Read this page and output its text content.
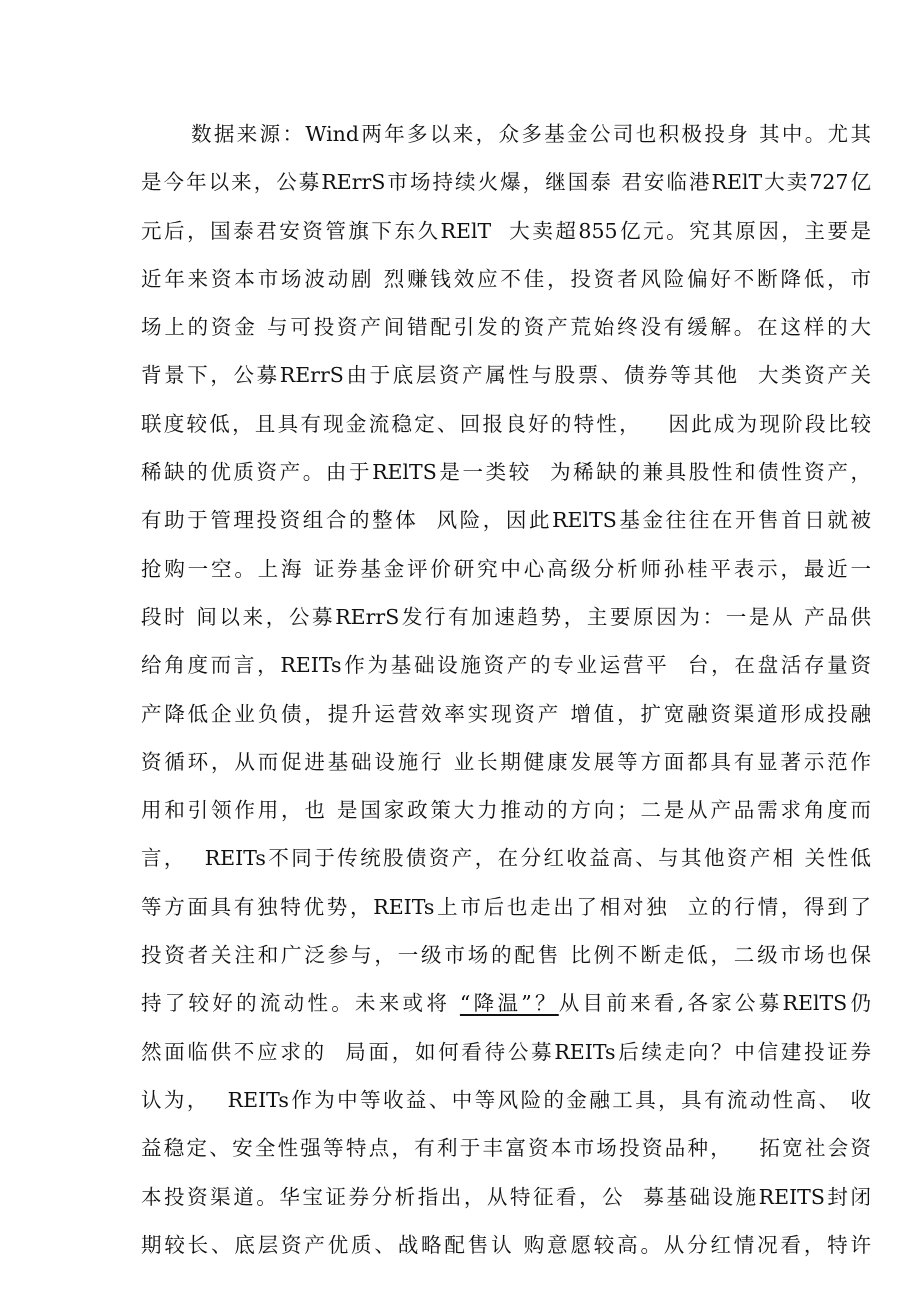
数据来源：Wind两年多以来，众多基金公司也积极投身 其中。尤其
是今年以来，公募RErrS市场持续火爆，继国泰 君安临港RElT大卖727亿
元后，国泰君安资管旗下东久RElT  大卖超855亿元。究其原因，主要是
近年来资本市场波动剧 烈赚钱效应不佳，投资者风险偏好不断降低，市
场上的资金 与可投资产间错配引发的资产荒始终没有缓解。在这样的大
背景下，公募RErrS由于底层资产属性与股票、债券等其他  大类资产关
联度较低，且具有现金流稳定、回报良好的特性，   因此成为现阶段比较
稀缺的优质资产。由于RElTS是一类较  为稀缺的兼具股性和债性资产，
有助于管理投资组合的整体  风险，因此RElTS基金往往在开售首日就被
抢购一空。上海 证券基金评价研究中心高级分析师孙桂平表示，最近一
段时 间以来，公募RErrS发行有加速趋势，主要原因为：一是从 产品供
给角度而言，REITs作为基础设施资产的专业运营平  台，在盘活存量资
产降低企业负债，提升运营效率实现资产 增值，扩宽融资渠道形成投融
资循环，从而促进基础设施行 业长期健康发展等方面都具有显著示范作
用和引领作用，也 是国家政策大力推动的方向；二是从产品需求角度而
言，  REITs不同于传统股债资产，在分红收益高、与其他资产相 关性低
等方面具有独特优势，REITs上市后也走出了相对独  立的行情，得到了
投资者关注和广泛参与，一级市场的配售 比例不断走低，二级市场也保
持了较好的流动性。未来或将 “降温”？从目前来看,各家公募RElTS仍
然面临供不应求的  局面，如何看待公募REITs后续走向？中信建投证券
认为，  REITs作为中等收益、中等风险的金融工具，具有流动性高、 收
益稳定、安全性强等特点，有利于丰富资本市场投资品种，   拓宽社会资
本投资渠道。华宝证券分析指出，从特征看，公  募基础设施REITS封闭
期较长、底层资产优质、战略配售认 购意愿较高。从分红情况看，特许
